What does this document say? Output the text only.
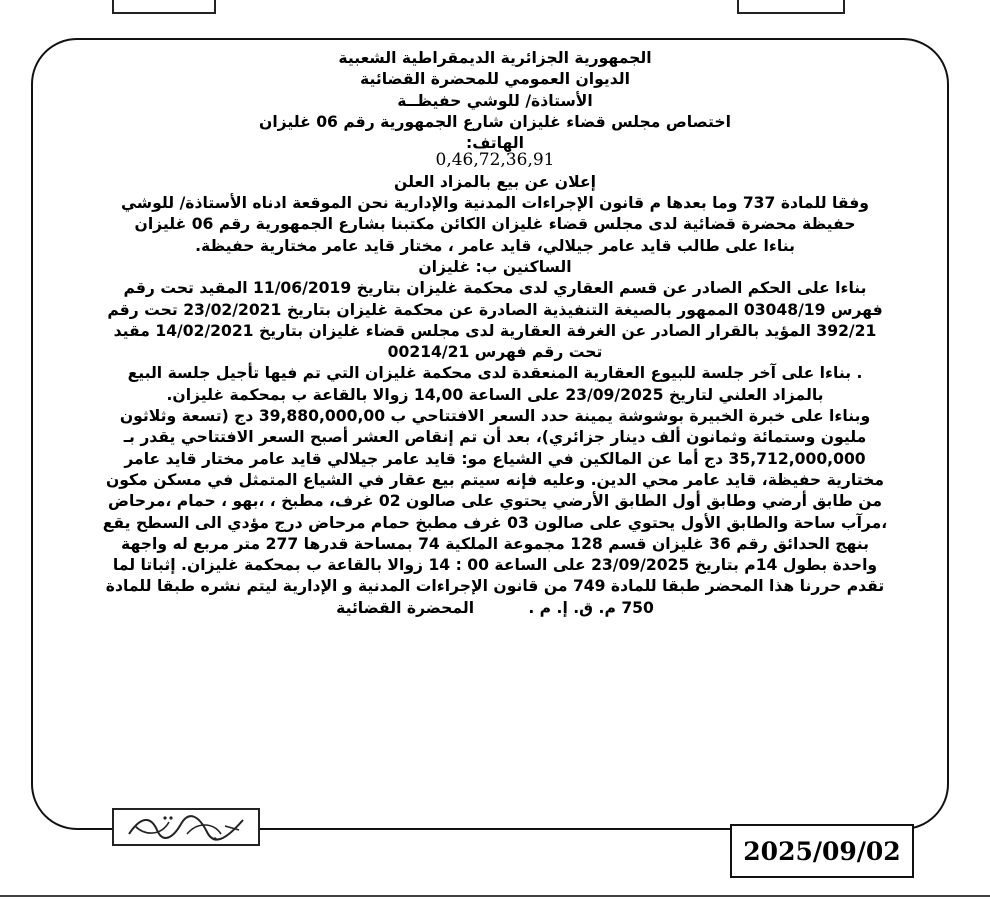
الجمهورية الجزائرية الديمقراطية الشعبية
الديوان العمومي للمحضرة القضائية
الأستاذة/ للوشي حفيظــة
اختصاص مجلس قضاء غليزان شارع الجمهورية رقم 06 غليزان
الهاتف:
0,46,72,36,91
إعلان عن بيع بالمزاد العلن
وفقا للمادة 737 وما بعدها م قانون الإجراءات المدنية والإدارية نحن الموقعة ادناه الأستاذة/ للوشي
حفيظة محضرة قضائية لدى مجلس قضاء غليزان الكائن مكتبنا بشارع الجمهورية رقم 06 غليزان
بناءا على طالب قايد عامر جيلالي، قايد عامر ، مختار قايد عامر مختارية حفيظة.
الساكنين ب: غليزان
بناءا على الحكم الصادر عن قسم العقاري لدى محكمة غليزان بتاريخ 11/06/2019 المقيد تحت رقم
فهرس 03048/19 الممهور بالصيغة التنفيذية الصادرة عن محكمة غليزان بتاريخ 23/02/2021 تحت رقم
392/21 المؤيد بالقرار الصادر عن الغرفة العقارية لدى مجلس قضاء غليزان بتاريخ 14/02/2021 مقيد
تحت رقم فهرس 00214/21
. بناءا على آخر جلسة للبيوع العقارية المنعقدة لدى محكمة غليزان التي تم فيها تأجيل جلسة البيع
بالمزاد العلني لتاريخ 23/09/2025 على الساعة 14,00 زوالا بالقاعة ب بمحكمة غليزان.
وبناءا على خبرة الخبيرة بوشوشة يمينة حدد السعر الافتتاحي ب 39,880,000,00 دج (تسعة وثلاثون
مليون وستمائة وثمانون ألف دينار جزائري)، بعد أن تم إنقاص العشر أصبح السعر الافتتاحي يقدر بـ
35,712,000,000 دج أما عن المالكين في الشياع مو: قايد عامر جيلالي قايد عامر مختار قايد عامر
مختارية حفيظة، قايد عامر محي الدين. وعليه فإنه سيتم بيع عقار في الشياع المتمثل في مسكن مكون
من طابق أرضي وطابق أول الطابق الأرضي يحتوي على صالون 02 غرف، مطبخ ، ،بهو ، حمام ،مرحاض
،مرآب ساحة والطابق الأول يحتوي على صالون 03 غرف مطبخ حمام مرحاض درج مؤدي الى السطح يقع
بنهج الحدائق رقم 36 غليزان قسم 128 مجموعة الملكية 74 بمساحة قدرها 277 متر مربع له واجهة
واحدة بطول 14م بتاريخ 23/09/2025 على الساعة 00 : 14 زوالا بالقاعة ب بمحكمة غليزان. إثباتا لما
تقدم حررنا هذا المحضر طبقا للمادة 749 من قانون الإجراءات المدنية و الإدارية ليتم نشره طبقا للمادة
750 م. ق. إ. م .          المحضرة القضائية
2025/09/02
